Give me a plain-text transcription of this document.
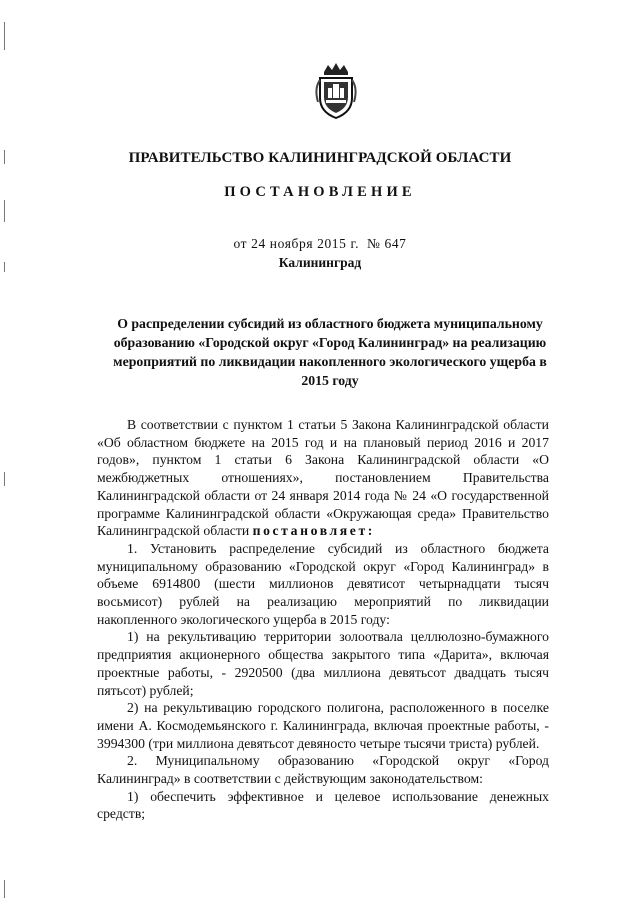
ПРАВИТЕЛЬСТВО КАЛИНИНГРАДСКОЙ ОБЛАСТИ
ПОСТАНОВЛЕНИЕ
от 24 ноября 2015 г.  № 647
Калининград
О распределении субсидий из областного бюджета муниципальному образованию «Городской округ «Город Калининград» на реализацию мероприятий по ликвидации накопленного экологического ущерба в 2015 году

В соответствии с пунктом 1 статьи 5 Закона Калининградской области «Об областном бюджете на 2015 год и на плановый период 2016 и 2017 годов», пунктом 1 статьи 6 Закона Калининградской области «О межбюджетных отношениях», постановлением Правительства Калининградской области от 24 января 2014 года № 24 «О государственной программе Калининградской области «Окружающая среда» Правительство Калининградской области постановляет:

1. Установить распределение субсидий из областного бюджета муниципальному образованию «Городской округ «Город Калининград» в объеме 6914800 (шести миллионов девятисот четырнадцати тысяч восьмисот) рублей на реализацию мероприятий по ликвидации накопленного экологического ущерба в 2015 году:

1) на рекультивацию территории золоотвала целлюлозно-бумажного предприятия акционерного общества закрытого типа «Дарита», включая проектные работы, - 2920500 (два миллиона девятьсот двадцать тысяч пятьсот) рублей;

2) на рекультивацию городского полигона, расположенного в поселке имени А. Космодемьянского г. Калининграда, включая проектные работы, - 3994300 (три миллиона девятьсот девяносто четыре тысячи триста) рублей.

2. Муниципальному образованию «Городской округ «Город Калининград» в соответствии с действующим законодательством:

1) обеспечить эффективное и целевое использование денежных средств;
